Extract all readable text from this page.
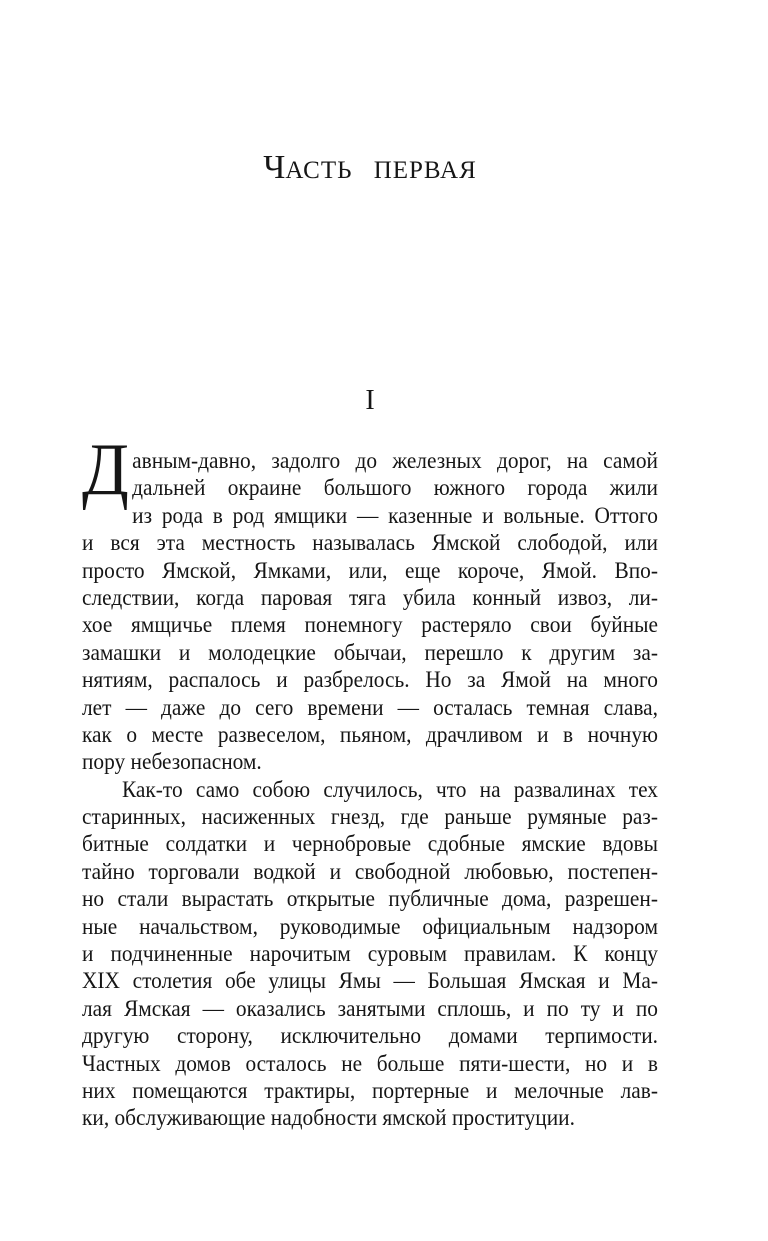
ЧАСТЬ ПЕРВАЯ
I
Д авным-давно, задолго до железных дорог, на самой
дальней окраине большого южного города жили
из рода в род ямщики — казенные и вольные. Оттого
и вся эта местность называлась Ямской слободой, или
просто Ямской, Ямками, или, еще короче, Ямой. Впо-
следствии, когда паровая тяга убила конный извоз, ли-
хое ямщичье племя понемногу растеряло свои буйные
замашки и молодецкие обычаи, перешло к другим за-
нятиям, распалось и разбрелось. Но за Ямой на много
лет — даже до сего времени — осталась темная слава,
как о месте развеселом, пьяном, драчливом и в ночную
пору небезопасном.
Как-то само собою случилось, что на развалинах тех
старинных, насиженных гнезд, где раньше румяные раз-
битные солдатки и чернобровые сдобные ямские вдовы
тайно торговали водкой и свободной любовью, постепен-
но стали вырастать открытые публичные дома, разрешен-
ные начальством, руководимые официальным надзором
и подчиненные нарочитым суровым правилам. К концу
XIX столетия обе улицы Ямы — Большая Ямская и Ма-
лая Ямская — оказались занятыми сплошь, и по ту и по
другую сторону, исключительно домами терпимости.
Частных домов осталось не больше пяти-шести, но и в
них помещаются трактиры, портерные и мелочные лав-
ки, обслуживающие надобности ямской проституции.
